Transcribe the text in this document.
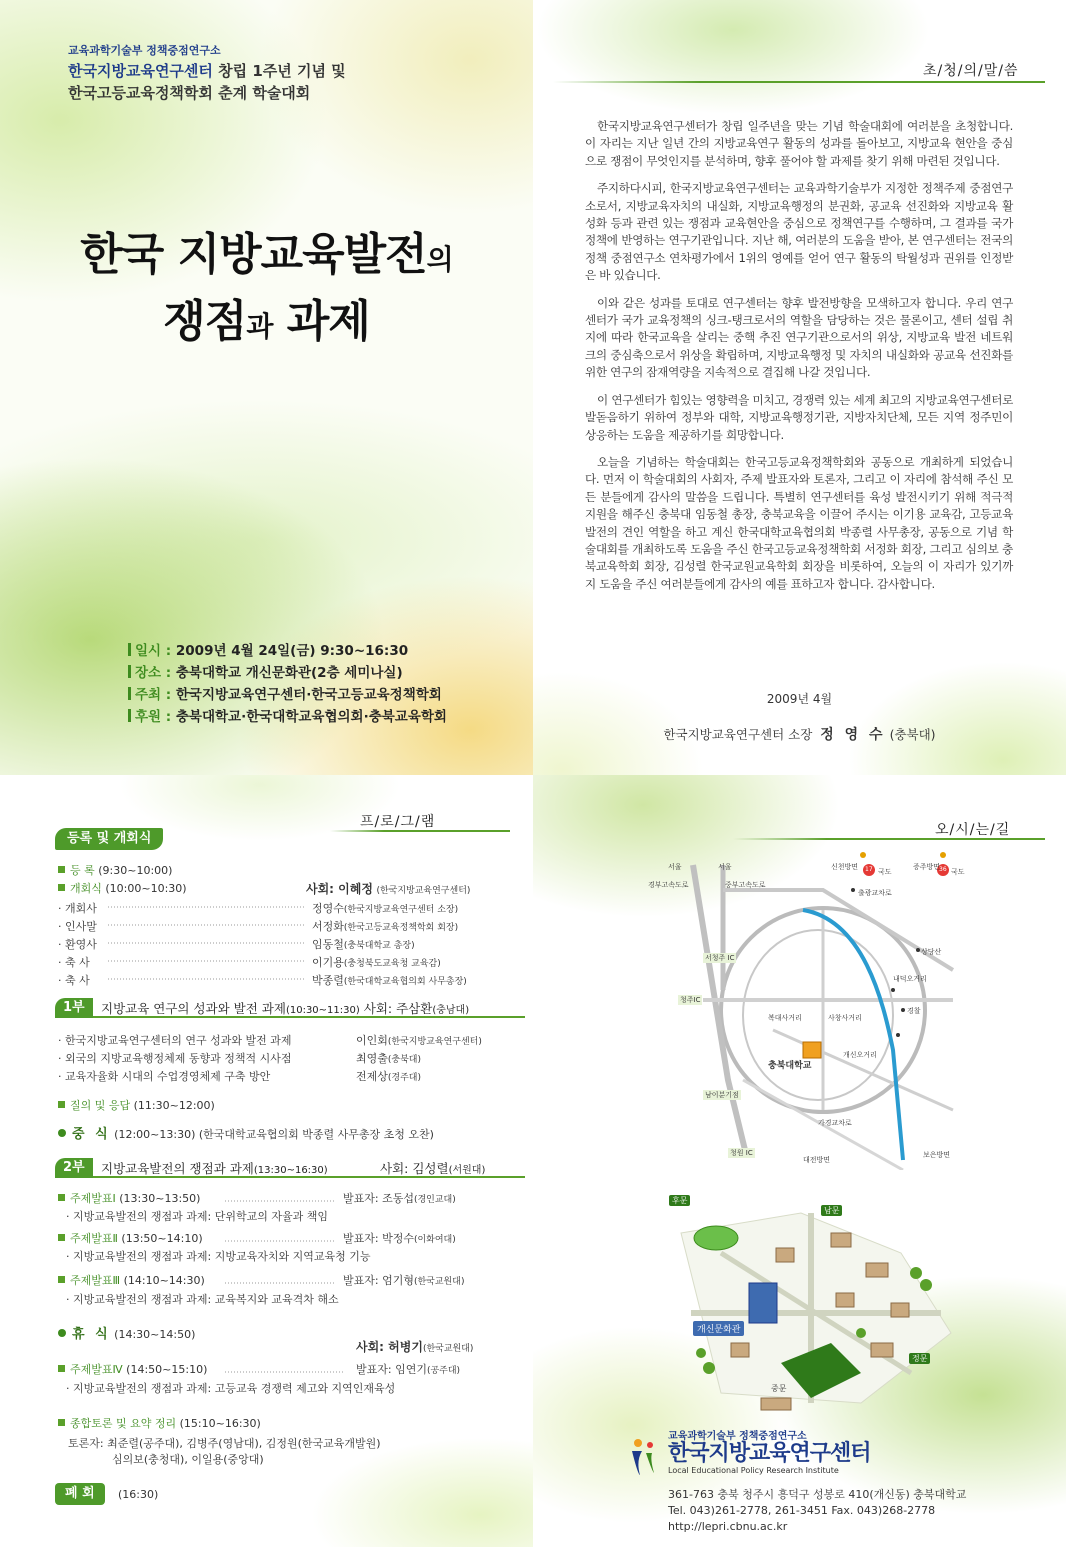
교육과학기술부 정책중점연구소
한국지방교육연구센터 창립 1주년 기념 및
한국고등교육정책학회 춘계 학술대회
한국 지방교육발전의
쟁점과 과제
일시 : 2009년 4월 24일(금) 9:30~16:30
장소 : 충북대학교 개신문화관(2층 세미나실)
주최 : 한국지방교육연구센터·한국고등교육정책학회
후원 : 충북대학교·한국대학교육협의회·충북교육학회
초/청/의/말/씀

한국지방교육연구센터가 창립 일주년을 맞는 기념 학술대회에 여러분을 초청합니다. 이 자리는 지난 일년 간의 지방교육연구 활동의 성과를 돌아보고, 지방교육 현안을 중심으로 쟁점이 무엇인지를 분석하며, 향후 풀어야 할 과제를 찾기 위해 마련된 것입니다.

주지하다시피, 한국지방교육연구센터는 교육과학기술부가 지정한 정책주제 중점연구소로서, 지방교육자치의 내실화, 지방교육행정의 분권화, 공교육 선진화와 지방교육 활성화 등과 관련 있는 쟁점과 교육현안을 중심으로 정책연구를 수행하며, 그 결과를 국가 정책에 반영하는 연구기관입니다. 지난 해, 여러분의 도움을 받아, 본 연구센터는 전국의 정책 중점연구소 연차평가에서 1위의 영예를 얻어 연구 활동의 탁월성과 권위를 인정받은 바 있습니다.

이와 같은 성과를 토대로 연구센터는 향후 발전방향을 모색하고자 합니다. 우리 연구센터가 국가 교육정책의 싱크-탱크로서의 역할을 담당하는 것은 물론이고, 센터 설립 취지에 따라 한국교육을 살리는 중핵 추진 연구기관으로서의 위상, 지방교육 발전 네트워크의 중심축으로서 위상을 확립하며, 지방교육행정 및 자치의 내실화와 공교육 선진화를 위한 연구의 잠재역량을 지속적으로 결집해 나갈 것입니다.

이 연구센터가 힘있는 영향력을 미치고, 경쟁력 있는 세계 최고의 지방교육연구센터로 발돋음하기 위하여 정부와 대학, 지방교육행정기관, 지방자치단체, 모든 지역 정주민이 상응하는 도움을 제공하기를 희망합니다.

오늘을 기념하는 학술대회는 한국고등교육정책학회와 공동으로 개최하게 되었습니다. 먼저 이 학술대회의 사회자, 주제 발표자와 토론자, 그리고 이 자리에 참석해 주신 모든 분들에게 감사의 말씀을 드립니다. 특별히 연구센터를 육성 발전시키기 위해 적극적 지원을 해주신 충북대 임동철 총장, 충북교육을 이끌어 주시는 이기용 교육감, 고등교육발전의 견인 역할을 하고 계신 한국대학교육협의회 박종렬 사무총장, 공동으로 기념 학술대회를 개최하도록 도움을 주신 한국고등교육정책학회 서정화 회장, 그리고 심의보 충북교육학회 회장, 김성렬 한국교원교육학회 회장을 비롯하여, 오늘의 이 자리가 있기까지 도움을 주신 여러분들에게 감사의 예를 표하고자 합니다. 감사합니다.

2009년 4월
한국지방교육연구센터 소장 정 영 수 (충북대)
프/로/그/램
등록 및 개회식
등 록 (9:30~10:00)
개회식 (10:00~10:30)	사회: 이혜정 (한국지방교육연구센터)
· 개회사	정영수(한국지방교육연구센터 소장)
· 인사말	서정화(한국고등교육정책학회 회장)
· 환영사	임동철(충북대학교 총장)
· 축 사	이기용(충청북도교육청 교육감)
· 축 사	박종렬(한국대학교육협의회 사무총장)
1부	지방교육 연구의 성과와 발전 과제(10:30~11:30) 사회: 주삼환(충남대)
· 한국지방교육연구센터의 연구 성과와 발전 과제	이인회(한국지방교육연구센터)
· 외국의 지방교육행정체제 동향과 정책적 시사점	최영출(충북대)
· 교육자율화 시대의 수업경영체제 구축 방안	전제상(경주대)
질의 및 응답 (11:30~12:00)
중 식 (12:00~13:30) (한국대학교육협의회 박종렬 사무총장 초청 오찬)
2부	지방교육발전의 쟁점과 과제(13:30~16:30)	사회: 김성렬(서원대)
주제발표Ⅰ (13:30~13:50)	발표자: 조동섭(경인교대)
· 지방교육발전의 쟁점과 과제: 단위학교의 자율과 책임
주제발표Ⅱ (13:50~14:10)	발표자: 박정수(이화여대)
· 지방교육발전의 쟁점과 과제: 지방교육자치와 지역교육청 기능
주제발표Ⅲ (14:10~14:30)	발표자: 엄기형(한국교원대)
· 지방교육발전의 쟁점과 과제: 교육복지와 교육격차 해소
휴 식 (14:30~14:50)
사회: 허병기(한국교원대)
주제발표Ⅳ (14:50~15:10)	발표자: 임연기(공주대)
· 지방교육발전의 쟁점과 과제: 고등교육 경쟁력 제고와 지역인재육성
종합토론 및 요약 정리 (15:10~16:30)
토론자: 최준렬(공주대), 김병주(영남대), 김정원(한국교육개발원)
심의보(충청대), 이일용(중앙대)
폐 회	(16:30)
오/시/는/길
서울	서울	신천방면	증주방면
17	36
국도	국도
경부고속도로	중부고속도로
출광교차로
서청주 IC
청주IC
남이분기점
청원 IC
대전방면
보은방면
충북대학교
개신오거리
사창사거리
복대사거리
가경교차로
상당산
내덕오거리
경찰
후문
남문
정문
중문
개신문화관
교육과학기술부 정책중점연구소
한국지방교육연구센터
Local Educational Policy Research Institute
361-763 충북 청주시 흥덕구 성봉로 410(개신동) 충북대학교
Tel. 043)261-2778, 261-3451 Fax. 043)268-2778
http://lepri.cbnu.ac.kr
